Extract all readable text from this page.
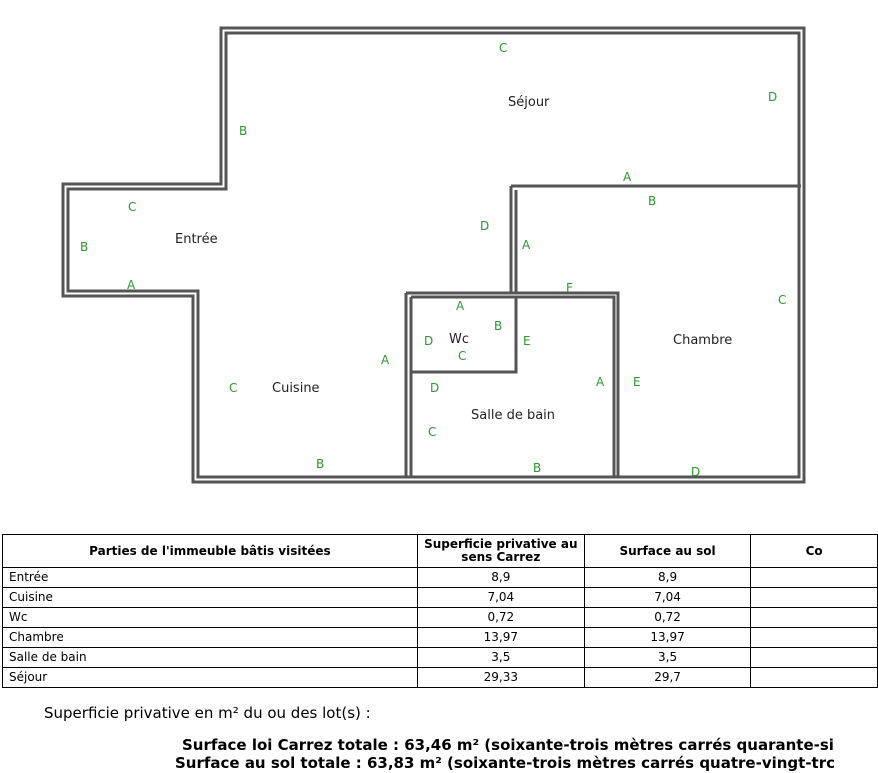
Séjour
Entrée
Cuisine
Wc
Salle de bain
Chambre
C
D
B
C
B
A
A
B
D
A
F
C
A
B
D
C
E
A
C
B
D
C
A
B
E
D
Parties de l'immeuble bâtis visitées	Superficie privative au sens Carrez	Surface au sol	Co
Entrée	8,9	8,9	
Cuisine	7,04	7,04	
Wc	0,72	0,72	
Chambre	13,97	13,97	
Salle de bain	3,5	3,5	
Séjour	29,33	29,7	
Superficie privative en m² du ou des lot(s) :
Surface loi Carrez totale : 63,46 m² (soixante-trois mètres carrés quarante-si
Surface au sol totale : 63,83 m² (soixante-trois mètres carrés quatre-vingt-trc
